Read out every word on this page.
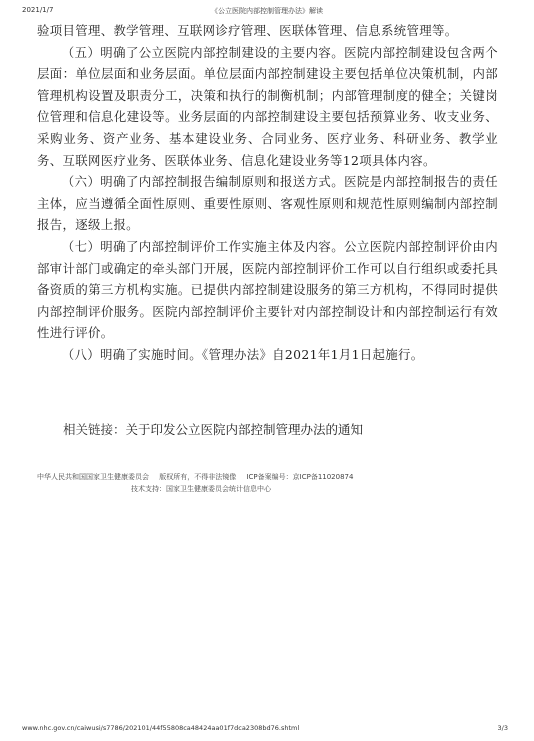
2021/1/7	《公立医院内部控制管理办法》解读

验项目管理、教学管理、互联网诊疗管理、医联体管理、信息系统管理等。

（五）明确了公立医院内部控制建设的主要内容。医院内部控制建设包含两个层面：单位层面和业务层面。单位层面内部控制建设主要包括单位决策机制，内部管理机构设置及职责分工，决策和执行的制衡机制；内部管理制度的健全；关键岗位管理和信息化建设等。业务层面的内部控制建设主要包括预算业务、收支业务、采购业务、资产业务、基本建设业务、合同业务、医疗业务、科研业务、教学业务、互联网医疗业务、医联体业务、信息化建设业务等12项具体内容。

（六）明确了内部控制报告编制原则和报送方式。医院是内部控制报告的责任主体，应当遵循全面性原则、重要性原则、客观性原则和规范性原则编制内部控制报告，逐级上报。

（七）明确了内部控制评价工作实施主体及内容。公立医院内部控制评价由内部审计部门或确定的牵头部门开展，医院内部控制评价工作可以自行组织或委托具备资质的第三方机构实施。已提供内部控制建设服务的第三方机构，不得同时提供内部控制评价服务。医院内部控制评价主要针对内部控制设计和内部控制运行有效性进行评价。

（八）明确了实施时间。《管理办法》自2021年1月1日起施行。

相关链接：关于印发公立医院内部控制管理办法的通知
中华人民共和国国家卫生健康委员会 版权所有，不得非法镜像 ICP备案编号：京ICP备11020874
技术支持：国家卫生健康委员会统计信息中心
www.nhc.gov.cn/caiwusi/s7786/202101/44f55808ca48424aa01f7dca2308bd76.shtml	3/3
